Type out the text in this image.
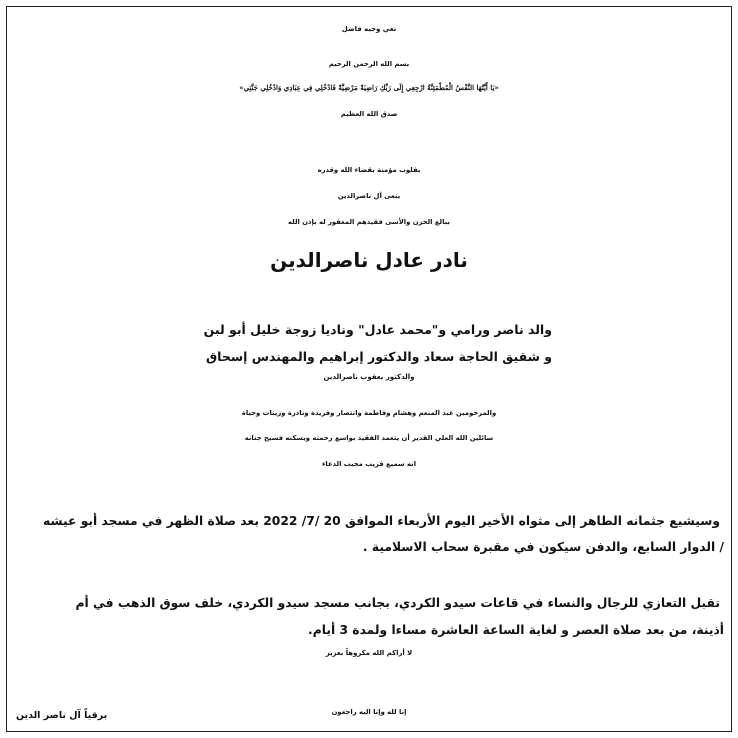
نعي وجيه فاضل
بسم الله الرحمن الرحيم
«يَا أَيَّتُهَا النَّفْسُ الْمُطْمَئِنَّةُ ارْجِعِي إِلَى رَبِّكِ رَاضِيَةً مَرْضِيَّةً فَادْخُلِي فِي عِبَادِي وَادْخُلِي جَنَّتِي»
صدق الله العظيم
بقلوب مؤمنة بقضاء الله وقدره
ينعى آل ناصرالدين
ببالغ الحزن والأسى فقيدهم المغفور له بإذن الله
نادر عادل ناصرالدين
والد ناصر ورامي و"محمد عادل" وناديا زوجة خليل أبو لبن
و شقيق الحاجة سعاد والدكتور إبراهيم والمهندس إسحاق
والدكتور يعقوب ناصرالدين
والمرحومين عبد المنعم وهشام وفاطمة وانتصار وفريدة ونادرة وزينات وحياة
سائلين الله العلي القدير أن يتغمد الفقيد بواسع رحمته ويسكنه فسيح جنانه
انه سميع قريب مجيب الدعاء
وسيشيع جثمانه الطاهر إلى مثواه الأخير اليوم الأربعاء الموافق 20 /7/ 2022 بعد صلاة الظهر في مسجد أبو عيشه
/ الدوار السابع، والدفن سيكون في مقبرة سحاب الاسلامية .
تقبل التعازي للرجال والنساء في قاعات سيدو الكردي، بجانب مسجد سيدو الكردي، خلف سوق الذهب في أم
أذينة، من بعد صلاة العصر و لغاية الساعة العاشرة مساءا ولمدة 3 أيام.
لا أراكم الله مكروهاً بعزيز
إنا لله وإنا اليه راجعون
برقياً آل ناصر الدين
